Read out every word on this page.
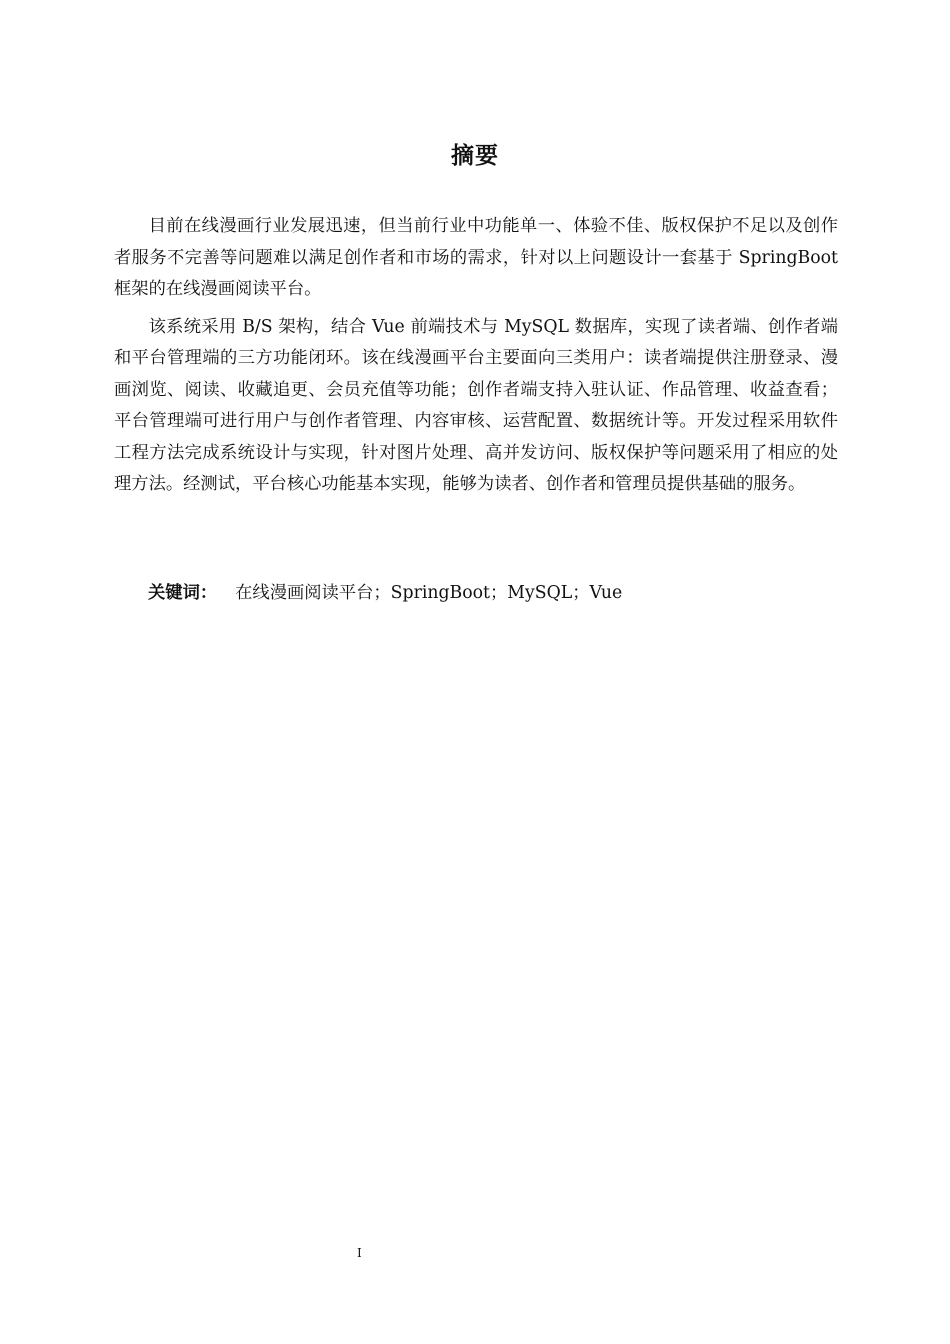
摘要

目前在线漫画行业发展迅速，但当前行业中功能单一、体验不佳、版权保护不足以及创作者服务不完善等问题难以满足创作者和市场的需求，针对以上问题设计一套基于 SpringBoot 框架的在线漫画阅读平台。

该系统采用 B/S 架构，结合 Vue 前端技术与 MySQL 数据库，实现了读者端、创作者端和平台管理端的三方功能闭环。该在线漫画平台主要面向三类用户：读者端提供注册登录、漫画浏览、阅读、收藏追更、会员充值等功能；创作者端支持入驻认证、作品管理、收益查看；平台管理端可进行用户与创作者管理、内容审核、运营配置、数据统计等。开发过程采用软件工程方法完成系统设计与实现，针对图片处理、高并发访问、版权保护等问题采用了相应的处理方法。经测试，平台核心功能基本实现，能够为读者、创作者和管理员提供基础的服务。

关键词： 在线漫画阅读平台；SpringBoot；MySQL；Vue
I
